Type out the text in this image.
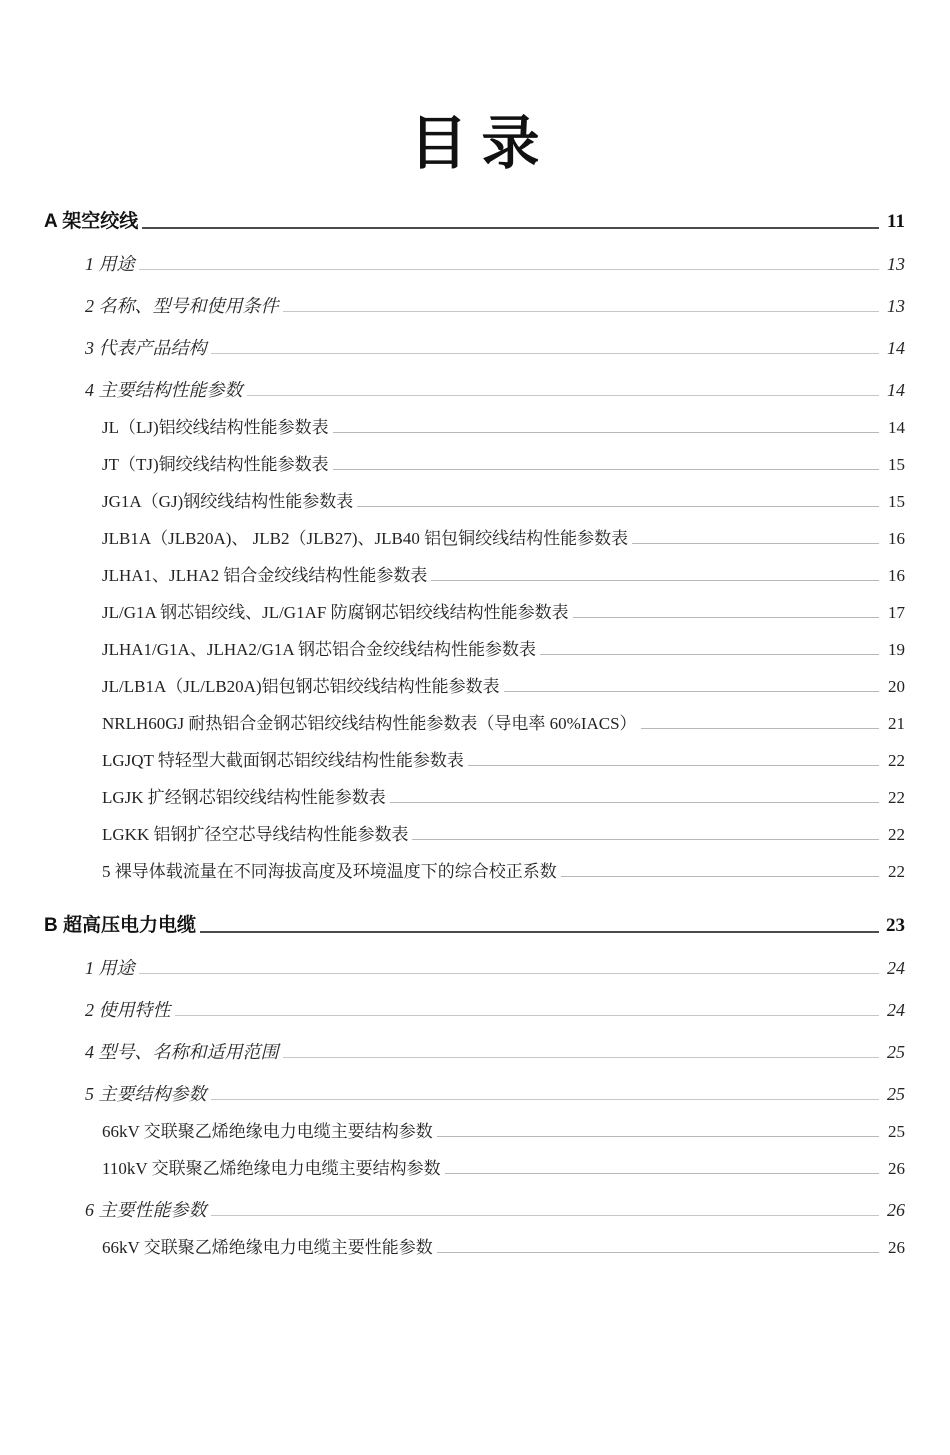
目录
A 架空绞线	11
1 用途	13
2 名称、型号和使用条件	13
3 代表产品结构	14
4 主要结构性能参数	14
JL（LJ)铝绞线结构性能参数表	14
JT（TJ)铜绞线结构性能参数表	15
JG1A（GJ)钢绞线结构性能参数表	15
JLB1A（JLB20A)、 JLB2（JLB27)、JLB40 铝包铜绞线结构性能参数表	16
JLHA1、JLHA2 铝合金绞线结构性能参数表	16
JL/G1A 钢芯铝绞线、JL/G1AF 防腐钢芯铝绞线结构性能参数表	17
JLHA1/G1A、JLHA2/G1A 钢芯铝合金绞线结构性能参数表	19
JL/LB1A（JL/LB20A)铝包钢芯铝绞线结构性能参数表	20
NRLH60GJ 耐热铝合金钢芯铝绞线结构性能参数表（导电率 60%IACS）	21
LGJQT 特轻型大截面钢芯铝绞线结构性能参数表	22
LGJK 扩经钢芯铝绞线结构性能参数表	22
LGKK 铝钢扩径空芯导线结构性能参数表	22
5 裸导体载流量在不同海拔高度及环境温度下的综合校正系数	22
B 超高压电力电缆	23
1 用途	24
2 使用特性	24
4 型号、名称和适用范围	25
5 主要结构参数	25
66kV 交联聚乙烯绝缘电力电缆主要结构参数	25
110kV 交联聚乙烯绝缘电力电缆主要结构参数	26
6 主要性能参数	26
66kV 交联聚乙烯绝缘电力电缆主要性能参数	26
